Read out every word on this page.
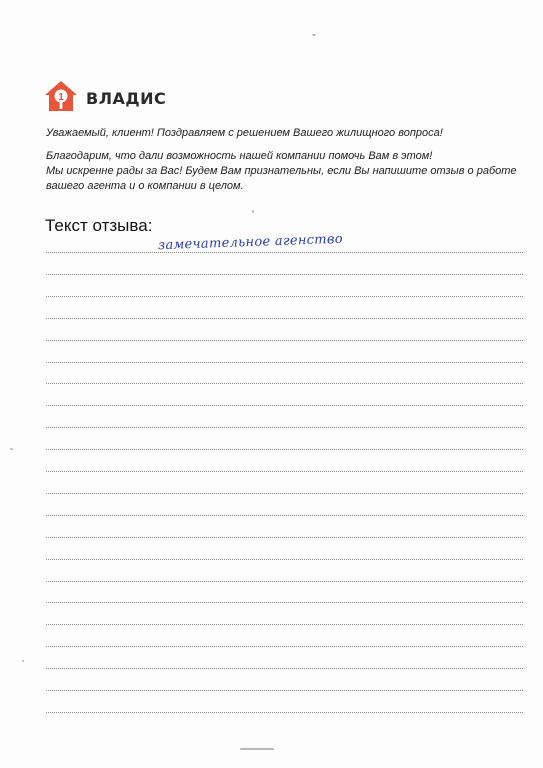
1 ВЛАДИС
Уважаемый, клиент! Поздравляем с решением Вашего жилищного вопроса!
Благодарим, что дали возможность нашей компании помочь Вам в этом!
Мы искренне рады за Вас! Будем Вам признательны, если Вы напишите отзыв о работе
вашего агента и о компании в целом.
Текст отзыва:
замечательное агенство
